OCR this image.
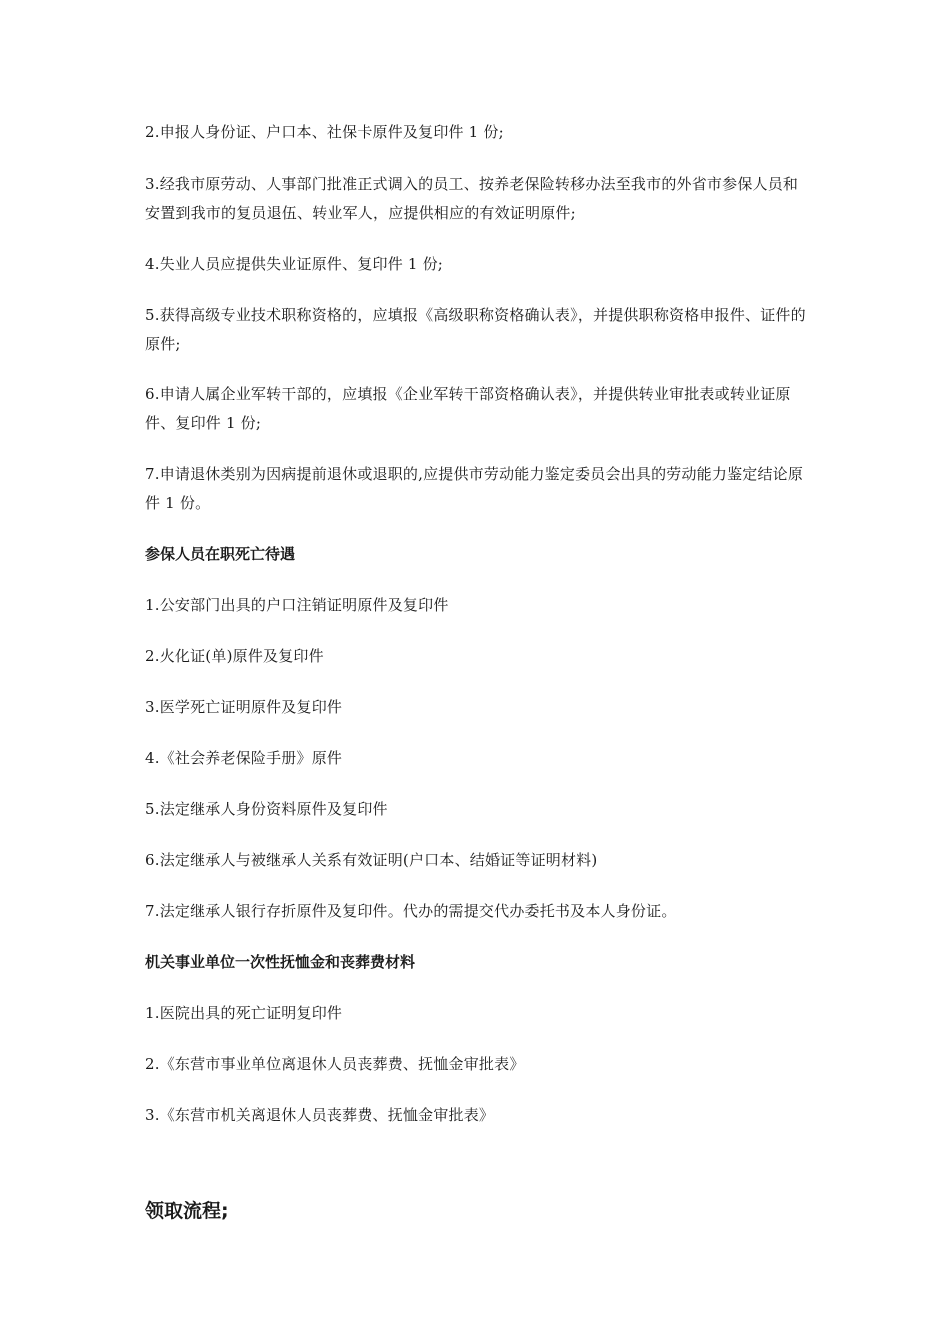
2.申报人身份证、户口本、社保卡原件及复印件 1 份;

3.经我市原劳动、人事部门批准正式调入的员工、按养老保险转移办法至我市的外省市参保人员和安置到我市的复员退伍、转业军人，应提供相应的有效证明原件;

4.失业人员应提供失业证原件、复印件 1 份;

5.获得高级专业技术职称资格的，应填报《高级职称资格确认表》，并提供职称资格申报件、证件的原件;

6.申请人属企业军转干部的，应填报《企业军转干部资格确认表》，并提供转业审批表或转业证原件、复印件 1 份;

7.申请退休类别为因病提前退休或退职的,应提供市劳动能力鉴定委员会出具的劳动能力鉴定结论原件 1 份。

参保人员在职死亡待遇

1.公安部门出具的户口注销证明原件及复印件

2.火化证(单)原件及复印件

3.医学死亡证明原件及复印件

4.《社会养老保险手册》原件

5.法定继承人身份资料原件及复印件

6.法定继承人与被继承人关系有效证明(户口本、结婚证等证明材料)

7.法定继承人银行存折原件及复印件。代办的需提交代办委托书及本人身份证。

机关事业单位一次性抚恤金和丧葬费材料

1.医院出具的死亡证明复印件

2.《东营市事业单位离退休人员丧葬费、抚恤金审批表》

3.《东营市机关离退休人员丧葬费、抚恤金审批表》

领取流程;
